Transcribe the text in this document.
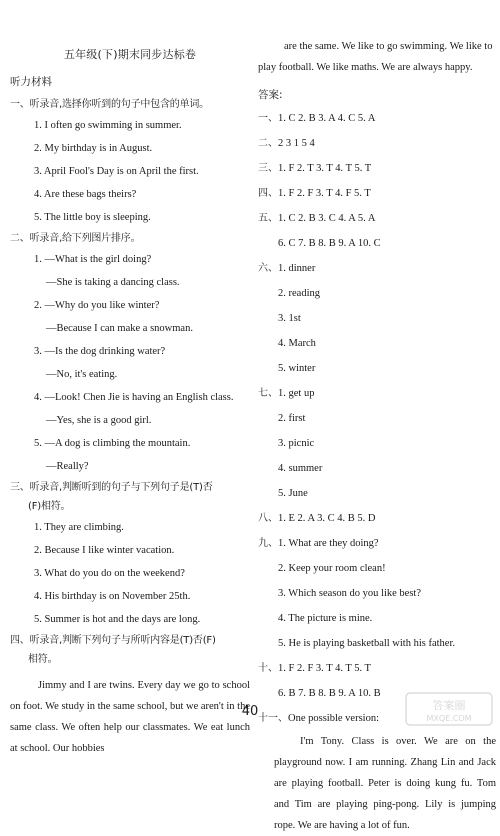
五年级(下)期末同步达标卷
听力材料
一、听录音,选择你听到的句子中包含的单词。
1. I often go swimming in summer.
2. My birthday is in August.
3. April Fool's Day is on April the first.
4. Are these bags theirs?
5. The little boy is sleeping.
二、听录音,给下列图片排序。
1. —What is the girl doing?
—She is taking a dancing class.
2. —Why do you like winter?
—Because I can make a snowman.
3. —Is the dog drinking water?
—No, it's eating.
4. —Look! Chen Jie is having an English class.
—Yes, she is a good girl.
5. —A dog is climbing the mountain.
—Really?
三、听录音,判断听到的句子与下列句子是(T)否
(F)相符。
1. They are climbing.
2. Because I like winter vacation.
3. What do you do on the weekend?
4. His birthday is on November 25th.
5. Summer is hot and the days are long.
四、听录音,判断下列句子与所听内容是(T)否(F)
相符。
Jimmy and I are twins. Every day we go to school on foot. We study in the same school, but we aren't in the same class. We often help our classmates. We eat lunch at school. Our hobbies
are the same. We like to go swimming. We like to
play football. We like maths. We are always happy.
答案:
一、1. C 2. B 3. A 4. C 5. A
二、2 3 1 5 4
三、1. F 2. T 3. T 4. T 5. T
四、1. F 2. F 3. T 4. F 5. T
五、1. C 2. B 3. C 4. A 5. A
6. C 7. B 8. B 9. A 10. C
六、1. dinner
2. reading
3. 1st
4. March
5. winter
七、1. get up
2. first
3. picnic
4. summer
5. June
八、1. E 2. A 3. C 4. B 5. D
九、1. What are they doing?
2. Keep your room clean!
3. Which season do you like best?
4. The picture is mine.
5. He is playing basketball with his father.
十、1. F 2. F 3. T 4. T 5. T
6. B 7. B 8. B 9. A 10. B
十一、One possible version:
I'm Tony. Class is over. We are on the playground now. I am running. Zhang Lin and Jack are playing football. Peter is doing kung fu. Tom and Tim are playing ping-pong. Lily is jumping rope. We are having a lot of fun.
40	答案圈
MXQE.COM
